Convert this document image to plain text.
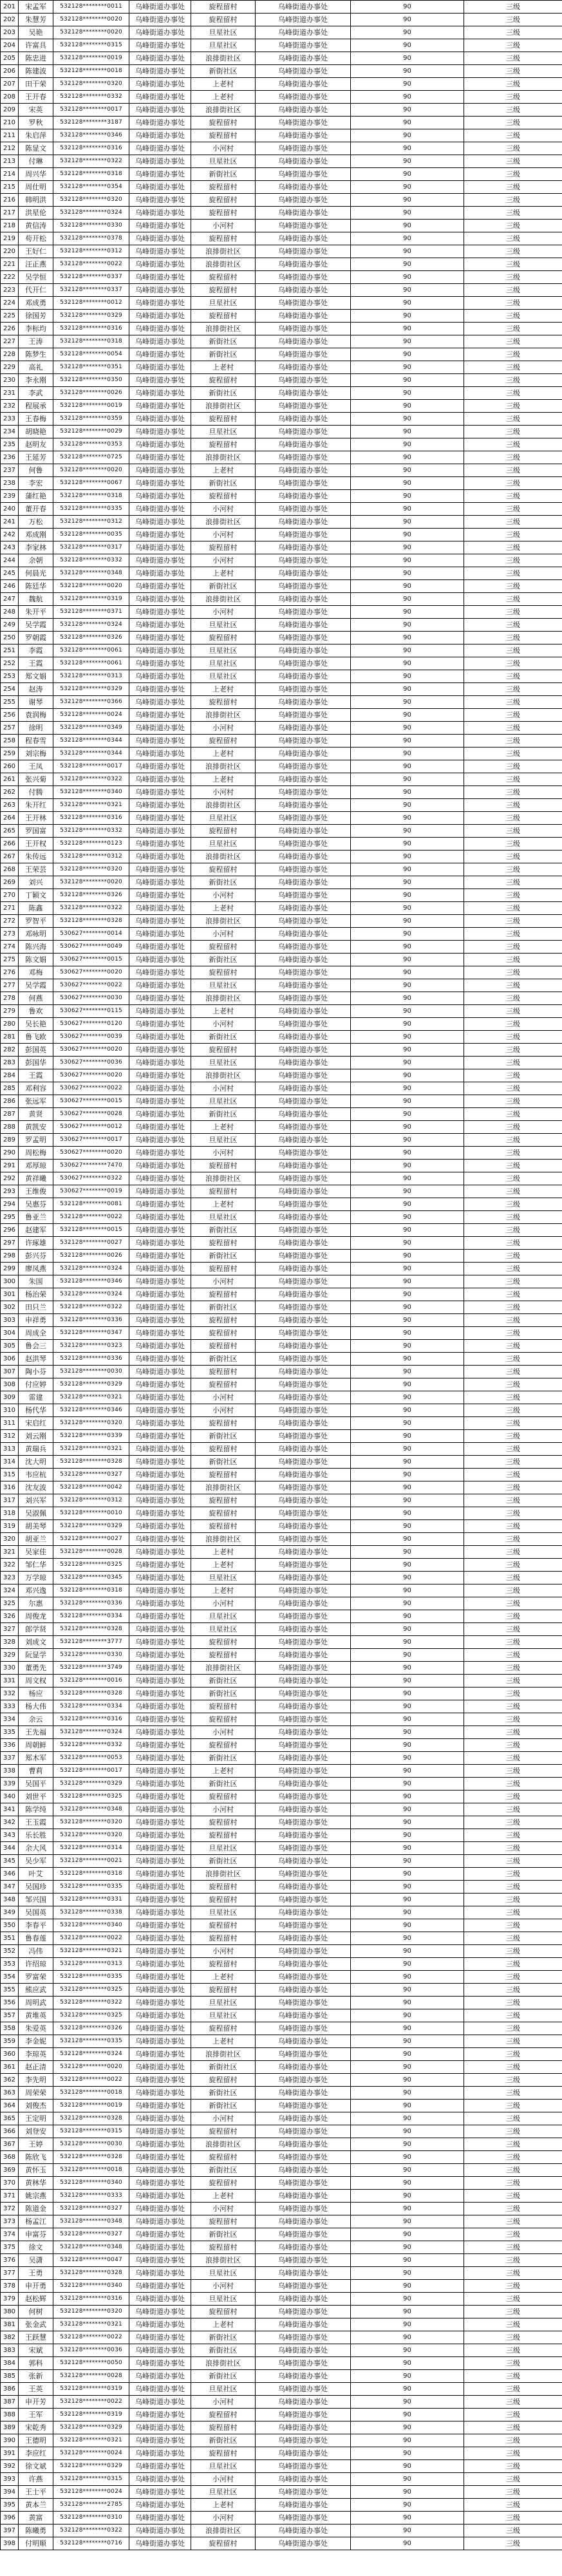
201	宋孟军	532128********0011	乌峰街道办事处	旋程留村	乌峰街道办事处	90	三级
202	朱慧芳	532128********0020	乌峰街道办事处	旋程留村	乌峰街道办事处	90	三级
203	吴艳	532128********0020	乌峰街道办事处	旦星社区	乌峰街道办事处	90	三级
204	许富具	532128********0315	乌峰街道办事处	旦星社区	乌峰街道办事处	90	三级
205	陈忠进	532128********0019	乌峰街道办事处	浪排街社区	乌峰街道办事处	90	三级
206	陈建波	532128********0018	乌峰街道办事处	新街社区	乌峰街道办事处	90	三级
207	田干荣	532128********0320	乌峰街道办事处	上老村	乌峰街道办事处	90	三级
208	王开春	532128********0332	乌峰街道办事处	上老村	乌峰街道办事处	90	三级
209	宋英	532128********0017	乌峰街道办事处	浪排街社区	乌峰街道办事处	90	三级
210	罗秋	532128********3187	乌峰街道办事处	旋程留村	乌峰街道办事处	90	三级
211	朱启萍	532128********0346	乌峰街道办事处	旋程留村	乌峰街道办事处	90	三级
212	陈显文	532128********0316	乌峰街道办事处	小河村	乌峰街道办事处	90	三级
213	付琳	532128********0322	乌峰街道办事处	旦星社区	乌峰街道办事处	90	三级
214	周兴华	532128********0318	乌峰街道办事处	新街社区	乌峰街道办事处	90	三级
215	周仕明	532128********0354	乌峰街道办事处	旋程留村	乌峰街道办事处	90	三级
216	韩明洪	532128********0320	乌峰街道办事处	旋程留村	乌峰街道办事处	90	三级
217	洪星伦	532128********0324	乌峰街道办事处	旋程留村	乌峰街道办事处	90	三级
218	黄信涛	532128********0330	乌峰街道办事处	小河村	乌峰街道办事处	90	三级
219	苟开松	532128********0378	乌峰街道办事处	旋程留村	乌峰街道办事处	90	三级
220	王好仁	532128********0312	乌峰街道办事处	浪排街社区	乌峰街道办事处	90	三级
221	汪正燕	532128********0022	乌峰街道办事处	浪排街社区	乌峰街道办事处	90	三级
222	吴学恒	532128********0337	乌峰街道办事处	旋程留村	乌峰街道办事处	90	三级
223	代开仁	532128********0337	乌峰街道办事处	旋程留村	乌峰街道办事处	90	三级
224	邓成勇	532128********0012	乌峰街道办事处	旦星社区	乌峰街道办事处	90	三级
225	徐国芳	532128********0329	乌峰街道办事处	旋程留村	乌峰街道办事处	90	三级
226	李标均	532128********0316	乌峰街道办事处	浪排街社区	乌峰街道办事处	90	三级
227	王涛	532128********0318	乌峰街道办事处	新街社区	乌峰街道办事处	90	三级
228	陈梦生	532128********0054	乌峰街道办事处	新街社区	乌峰街道办事处	90	三级
229	高礼	532128********0351	乌峰街道办事处	上老村	乌峰街道办事处	90	三级
230	李永刚	532128********0350	乌峰街道办事处	旋程留村	乌峰街道办事处	90	三级
231	李武	532128********0026	乌峰街道办事处	新街社区	乌峰街道办事处	90	三级
232	程展承	532128********0019	乌峰街道办事处	浪排街社区	乌峰街道办事处	90	三级
233	王春梅	532128********0359	乌峰街道办事处	旋程留村	乌峰街道办事处	90	三级
234	胡晓艳	532128********0029	乌峰街道办事处	旦星社区	乌峰街道办事处	90	三级
235	赵明友	532128********0353	乌峰街道办事处	旋程留村	乌峰街道办事处	90	三级
236	王延芳	532128********0725	乌峰街道办事处	浪排街社区	乌峰街道办事处	90	三级
237	何鲁	532128********0020	乌峰街道办事处	上老村	乌峰街道办事处	90	三级
238	李宏	532128********0067	乌峰街道办事处	新街社区	乌峰街道办事处	90	三级
239	蒲红艳	532128********0318	乌峰街道办事处	旋程留村	乌峰街道办事处	90	三级
240	董开春	532128********0335	乌峰街道办事处	小河村	乌峰街道办事处	90	三级
241	万松	532128********0312	乌峰街道办事处	浪排街社区	乌峰街道办事处	90	三级
242	邓成刚	532128********0035	乌峰街道办事处	小河村	乌峰街道办事处	90	三级
243	李家林	532128********0317	乌峰街道办事处	旋程留村	乌峰街道办事处	90	三级
244	余朝	532128********0332	乌峰街道办事处	小河村	乌峰街道办事处	90	三级
245	何晨光	532128********0348	乌峰街道办事处	上老村	乌峰街道办事处	90	三级
246	陈廷华	532128********0020	乌峰街道办事处	新街社区	乌峰街道办事处	90	三级
247	魏航	532128********0319	乌峰街道办事处	浪排街社区	乌峰街道办事处	90	三级
248	朱开平	532128********0371	乌峰街道办事处	小河村	乌峰街道办事处	90	三级
249	吴学霞	532128********0324	乌峰街道办事处	旦星社区	乌峰街道办事处	90	三级
250	罗朝霞	532128********0326	乌峰街道办事处	旋程留村	乌峰街道办事处	90	三级
251	李霞	532128********0061	乌峰街道办事处	旦星社区	乌峰街道办事处	90	三级
252	王霞	532128********0061	乌峰街道办事处	旦星社区	乌峰街道办事处	90	三级
253	郑文娟	532128********0313	乌峰街道办事处	旦星社区	乌峰街道办事处	90	三级
254	赵涛	532128********0329	乌峰街道办事处	上老村	乌峰街道办事处	90	三级
255	谢琴	532128********0366	乌峰街道办事处	旋程留村	乌峰街道办事处	90	三级
256	袁润梅	532128********0024	乌峰街道办事处	浪排街社区	乌峰街道办事处	90	三级
257	徐明	532128********0349	乌峰街道办事处	小河村	乌峰街道办事处	90	三级
258	程春雪	532128********0344	乌峰街道办事处	旋程留村	乌峰街道办事处	90	三级
259	刘宗梅	532128********0344	乌峰街道办事处	上老村	乌峰街道办事处	90	三级
260	王凤	532128********0017	乌峰街道办事处	浪排街社区	乌峰街道办事处	90	三级
261	张兴菊	532128********0322	乌峰街道办事处	上老村	乌峰街道办事处	90	三级
262	付腾	532128********0340	乌峰街道办事处	小河村	乌峰街道办事处	90	三级
263	朱开红	532128********0321	乌峰街道办事处	浪排街社区	乌峰街道办事处	90	三级
264	王开林	532128********0316	乌峰街道办事处	旦星社区	乌峰街道办事处	90	三级
265	罗国富	532128********0332	乌峰街道办事处	旋程留村	乌峰街道办事处	90	三级
266	王开权	532128********0123	乌峰街道办事处	旦星社区	乌峰街道办事处	90	三级
267	朱传远	532128********0312	乌峰街道办事处	浪排街社区	乌峰街道办事处	90	三级
268	王荣芸	532128********0320	乌峰街道办事处	旋程留村	乌峰街道办事处	90	三级
269	刘兴	532128********0020	乌峰街道办事处	新街社区	乌峰街道办事处	90	三级
270	丁颖文	532128********0326	乌峰街道办事处	小河村	乌峰街道办事处	90	三级
271	陈鑫	532128********0322	乌峰街道办事处	上老村	乌峰街道办事处	90	三级
272	罗智平	532128********0328	乌峰街道办事处	浪排街社区	乌峰街道办事处	90	三级
273	邓咏明	530627********0014	乌峰街道办事处	小河村	乌峰街道办事处	90	三级
274	陈兴海	530627********0049	乌峰街道办事处	旋程留村	乌峰街道办事处	90	三级
275	陈文娟	530627********0015	乌峰街道办事处	新街社区	乌峰街道办事处	90	三级
276	邓梅	530627********0020	乌峰街道办事处	旋程留村	乌峰街道办事处	90	三级
277	吴学霞	530627********0022	乌峰街道办事处	旦星社区	乌峰街道办事处	90	三级
278	何燕	530627********0030	乌峰街道办事处	浪排街社区	乌峰街道办事处	90	三级
279	鲁欢	530627********0115	乌峰街道办事处	上老村	乌峰街道办事处	90	三级
280	吴长艳	530627********0120	乌峰街道办事处	小河村	乌峰街道办事处	90	三级
281	鲁飞欧	530627********0039	乌峰街道办事处	新街社区	乌峰街道办事处	90	三级
282	彭国英	530627********0020	乌峰街道办事处	旋程留村	乌峰街道办事处	90	三级
283	彭国华	530627********0036	乌峰街道办事处	旦星社区	乌峰街道办事处	90	三级
284	王霞	530627********0020	乌峰街道办事处	浪排街社区	乌峰街道办事处	90	三级
285	邓利容	530627********0022	乌峰街道办事处	小河村	乌峰街道办事处	90	三级
286	张远军	530627********0015	乌峰街道办事处	旦星社区	乌峰街道办事处	90	三级
287	黄贤	530627********0028	乌峰街道办事处	新街社区	乌峰街道办事处	90	三级
288	黄凯安	530627********0012	乌峰街道办事处	上老村	乌峰街道办事处	90	三级
289	罗孟明	530627********0017	乌峰街道办事处	旦星社区	乌峰街道办事处	90	三级
290	周松梅	530627********0020	乌峰街道办事处	小河村	乌峰街道办事处	90	三级
291	邓厚琼	530627********7470	乌峰街道办事处	旋程留村	乌峰街道办事处	90	三级
292	黄祥曦	530627********0322	乌峰街道办事处	浪排街社区	乌峰街道办事处	90	三级
293	王维俊	530627********0019	乌峰街道办事处	旋程留村	乌峰街道办事处	90	三级
294	吴惠芬	532128********0081	乌峰街道办事处	上老村	乌峰街道办事处	90	三级
295	鲁亚兰	532128********0022	乌峰街道办事处	旦星社区	乌峰街道办事处	90	三级
296	赵建军	532128********0015	乌峰街道办事处	新街社区	乌峰街道办事处	90	三级
297	许琢雄	532128********0027	乌峰街道办事处	旋程留村	乌峰街道办事处	90	三级
298	彭兴芬	532128********0026	乌峰街道办事处	新街社区	乌峰街道办事处	90	三级
299	廖凤燕	532128********0324	乌峰街道办事处	旋程留村	乌峰街道办事处	90	三级
300	朱国	532128********0346	乌峰街道办事处	小河村	乌峰街道办事处	90	三级
301	杨治荣	532128********0324	乌峰街道办事处	旋程留村	乌峰街道办事处	90	三级
302	田只兰	532128********0322	乌峰街道办事处	新街社区	乌峰街道办事处	90	三级
303	申祥勇	532128********0336	乌峰街道办事处	旋程留村	乌峰街道办事处	90	三级
304	周成全	532128********0347	乌峰街道办事处	旋程留村	乌峰街道办事处	90	三级
305	鲁会三	532128********0323	乌峰街道办事处	旋程留村	乌峰街道办事处	90	三级
306	赵洪琴	532128********0336	乌峰街道办事处	新街社区	乌峰街道办事处	90	三级
307	陶小芬	532128********0030	乌峰街道办事处	旋程留村	乌峰街道办事处	90	三级
308	付应婷	532128********0329	乌峰街道办事处	旋程留村	乌峰街道办事处	90	三级
309	雷建	532128********0321	乌峰街道办事处	小河村	乌峰街道办事处	90	三级
310	杨代华	532128********0346	乌峰街道办事处	小河村	乌峰街道办事处	90	三级
311	宋启红	532128********0320	乌峰街道办事处	旋程留村	乌峰街道办事处	90	三级
312	刘云刚	532128********0339	乌峰街道办事处	新街社区	乌峰街道办事处	90	三级
313	黄瑞兵	532128********0321	乌峰街道办事处	旋程留村	乌峰街道办事处	90	三级
314	沈大明	532128********0328	乌峰街道办事处	新街社区	乌峰街道办事处	90	三级
315	韦应杭	532128********0327	乌峰街道办事处	旋程留村	乌峰街道办事处	90	三级
316	沈友波	532128********0042	乌峰街道办事处	浪排街社区	乌峰街道办事处	90	三级
317	刘兴军	532128********0312	乌峰街道办事处	旋程留村	乌峰街道办事处	90	三级
318	吴淑佩	532128********0010	乌峰街道办事处	旋程留村	乌峰街道办事处	90	三级
319	胡美琴	532128********0329	乌峰街道办事处	旋程留村	乌峰街道办事处	90	三级
320	胡亚兰	532128********0027	乌峰街道办事处	浪排街社区	乌峰街道办事处	90	三级
321	吴家佳	532128********0028	乌峰街道办事处	上老村	乌峰街道办事处	90	三级
322	邹仁华	532128********0325	乌峰街道办事处	上老村	乌峰街道办事处	90	三级
323	万学琼	532128********0345	乌峰街道办事处	旦星社区	乌峰街道办事处	90	三级
324	邓兴逸	532128********0318	乌峰街道办事处	上老村	乌峰街道办事处	90	三级
325	尔惠	532128********0336	乌峰街道办事处	小河村	乌峰街道办事处	90	三级
326	周俊龙	532128********0334	乌峰街道办事处	旦星社区	乌峰街道办事处	90	三级
327	郎学贤	532128********0328	乌峰街道办事处	旦星社区	乌峰街道办事处	90	三级
328	刘成文	532128********3777	乌峰街道办事处	旋程留村	乌峰街道办事处	90	三级
329	阮显学	532128********0330	乌峰街道办事处	旋程留村	乌峰街道办事处	90	三级
330	董勇先	532128********3749	乌峰街道办事处	浪排街社区	乌峰街道办事处	90	三级
331	周文权	532128********0016	乌峰街道办事处	新街社区	乌峰街道办事处	90	三级
332	杨应	532128********0328	乌峰街道办事处	新街社区	乌峰街道办事处	90	三级
333	杨大伟	532128********0334	乌峰街道办事处	旋程留村	乌峰街道办事处	90	三级
334	余云	532128********0316	乌峰街道办事处	旋程留村	乌峰街道办事处	90	三级
335	王先福	532128********0324	乌峰街道办事处	小河村	乌峰街道办事处	90	三级
336	周朝鲜	532128********0332	乌峰街道办事处	旋程留村	乌峰街道办事处	90	三级
337	郑木军	532128********0053	乌峰街道办事处	新街社区	乌峰街道办事处	90	三级
338	曹莉	532128********0017	乌峰街道办事处	上老村	乌峰街道办事处	90	三级
339	吴国平	532128********0329	乌峰街道办事处	新街社区	乌峰街道办事处	90	三级
340	刘世平	532128********0325	乌峰街道办事处	旋程留村	乌峰街道办事处	90	三级
341	陈学纯	532128********0348	乌峰街道办事处	小河村	乌峰街道办事处	90	三级
342	王玉霞	532128********0320	乌峰街道办事处	旋程留村	乌峰街道办事处	90	三级
343	乐长胜	532128********0320	乌峰街道办事处	旋程留村	乌峰街道办事处	90	三级
344	余大风	532128********0314	乌峰街道办事处	旦星社区	乌峰街道办事处	90	三级
345	吴少军	532128********0021	乌峰街道办事处	新街社区	乌峰街道办事处	90	三级
346	叶艾	532128********0318	乌峰街道办事处	浪排街社区	乌峰街道办事处	90	三级
347	吴国珍	532128********0335	乌峰街道办事处	旋程留村	乌峰街道办事处	90	三级
348	邹兴国	532128********0331	乌峰街道办事处	旋程留村	乌峰街道办事处	90	三级
349	吴国英	532128********0338	乌峰街道办事处	旦星社区	乌峰街道办事处	90	三级
350	李春平	532128********0340	乌峰街道办事处	旋程留村	乌峰街道办事处	90	三级
351	鲁春莲	532128********0022	乌峰街道办事处	旋程留村	乌峰街道办事处	90	三级
352	冯伟	532128********0321	乌峰街道办事处	小河村	乌峰街道办事处	90	三级
353	许绍琼	532128********0313	乌峰街道办事处	旋程留村	乌峰街道办事处	90	三级
354	罗富荣	532128********0335	乌峰街道办事处	上老村	乌峰街道办事处	90	三级
355	熊应武	532128********0325	乌峰街道办事处	旋程留村	乌峰街道办事处	90	三级
356	周明武	532128********0322	乌峰街道办事处	旦星社区	乌峰街道办事处	90	三级
357	黄堆英	532128********0325	乌峰街道办事处	旦星社区	乌峰街道办事处	90	三级
358	朱爱英	532128********0326	乌峰街道办事处	旋程留村	乌峰街道办事处	90	三级
359	李金妮	532128********0335	乌峰街道办事处	上老村	乌峰街道办事处	90	三级
360	李琼英	532128********0324	乌峰街道办事处	浪排街社区	乌峰街道办事处	90	三级
361	赵正清	532128********0020	乌峰街道办事处	新街社区	乌峰街道办事处	90	三级
362	李先明	532128********0022	乌峰街道办事处	旋程留村	乌峰街道办事处	90	三级
363	周荣荣	532128********0018	乌峰街道办事处	新街社区	乌峰街道办事处	90	三级
364	刘俊杰	532128********0019	乌峰街道办事处	新街社区	乌峰街道办事处	90	三级
365	王定明	532128********0328	乌峰街道办事处	小河村	乌峰街道办事处	90	三级
366	刘登安	532128********0315	乌峰街道办事处	旋程留村	乌峰街道办事处	90	三级
367	王婷	532128********0030	乌峰街道办事处	浪排街社区	乌峰街道办事处	90	三级
368	陈欣飞	532128********0328	乌峰街道办事处	旋程留村	乌峰街道办事处	90	三级
369	黄怀玉	532128********0018	乌峰街道办事处	新街社区	乌峰街道办事处	90	三级
370	黄林华	532128********0340	乌峰街道办事处	旋程留村	乌峰街道办事处	90	三级
371	姚宗燕	532128********0333	乌峰街道办事处	上老村	乌峰街道办事处	90	三级
372	陈道金	532128********0327	乌峰街道办事处	小河村	乌峰街道办事处	90	三级
373	杨孟江	532128********0348	乌峰街道办事处	旋程留村	乌峰街道办事处	90	三级
374	申富芬	532128********0327	乌峰街道办事处	新街社区	乌峰街道办事处	90	三级
375	徐文	532128********0348	乌峰街道办事处	旋程留村	乌峰街道办事处	90	三级
376	吴潇	532128********0047	乌峰街道办事处	浪排街社区	乌峰街道办事处	90	三级
377	王勇	532128********0328	乌峰街道办事处	旦星社区	乌峰街道办事处	90	三级
378	申开勇	532128********0340	乌峰街道办事处	小河村	乌峰街道办事处	90	三级
379	赵松辉	532128********0316	乌峰街道办事处	旦星社区	乌峰街道办事处	90	三级
380	何树	532128********0320	乌峰街道办事处	旋程留村	乌峰街道办事处	90	三级
381	张金武	532128********0321	乌峰街道办事处	上老村	乌峰街道办事处	90	三级
382	王跃慧	532128********0022	乌峰街道办事处	新街社区	乌峰街道办事处	90	三级
383	宋斌	532128********0036	乌峰街道办事处	新街社区	乌峰街道办事处	90	三级
384	郭科	532128********0050	乌峰街道办事处	浪排街社区	乌峰街道办事处	90	三级
385	张新	532128********0028	乌峰街道办事处	新街社区	乌峰街道办事处	90	三级
386	王英	532128********0319	乌峰街道办事处	旦星社区	乌峰街道办事处	90	三级
387	申开芳	532128********0022	乌峰街道办事处	小河村	乌峰街道办事处	90	三级
388	王军	532128********0319	乌峰街道办事处	旋程留村	乌峰街道办事处	90	三级
389	宋乾秀	532128********0329	乌峰街道办事处	旋程留村	乌峰街道办事处	90	三级
390	王德明	532128********0321	乌峰街道办事处	新街社区	乌峰街道办事处	90	三级
391	李应红	532128********0024	乌峰街道办事处	旋程留村	乌峰街道办事处	90	三级
392	徐文斌	532128********0329	乌峰街道办事处	旦星社区	乌峰街道办事处	90	三级
393	许燕	532128********0315	乌峰街道办事处	小河村	乌峰街道办事处	90	三级
394	王士平	532128********0024	乌峰街道办事处	旦星社区	乌峰街道办事处	90	三级
395	黄本兰	532128********2785	乌峰街道办事处	上老村	乌峰街道办事处	90	三级
396	黄富	532128********0310	乌峰街道办事处	小河村	乌峰街道办事处	90	三级
397	陈曦勇	532128********0322	乌峰街道办事处	浪排街社区	乌峰街道办事处	90	三级
398	付明顺	532128********0716	乌峰街道办事处	旋程留村	乌峰街道办事处	90	三级
